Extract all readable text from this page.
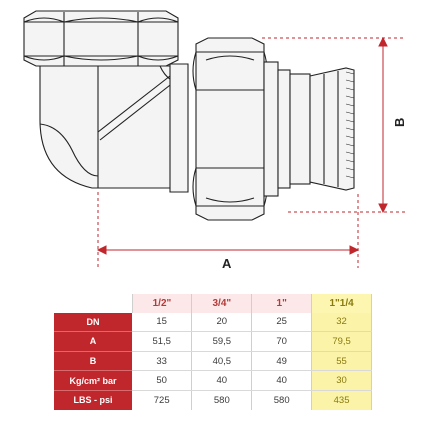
A
B
	1/2"	3/4"	1"	1"1/4
DN	15	20	25	32
A	51,5	59,5	70	79,5
B	33	40,5	49	55
Kg/cm² bar	50	40	40	30
LBS - psi	725	580	580	435
